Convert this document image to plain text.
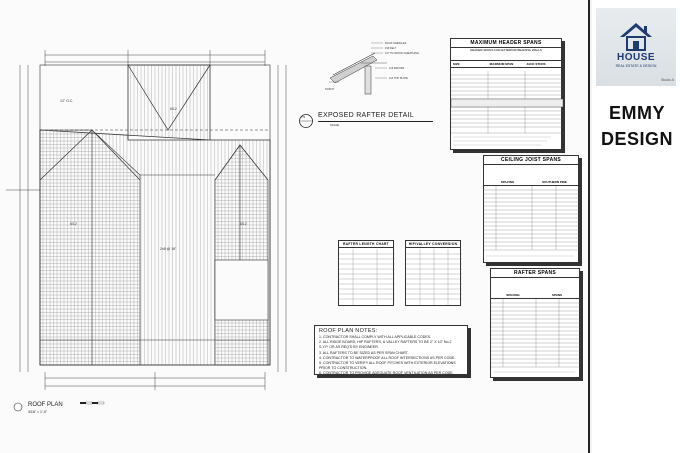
12" O.C.
6/12
6/12
6/12
2x8 @ 16"
ROOF PLAN
3/16" = 1'-0"
ROOF SHINGLES
15# FELT
1/2" PLYWOOD SHEATHING
2x6 RAFTER
2x4 TOP PLATE
SOFFIT
7/2 EXPOSED RAFTER DETAIL
SCALE
MAXIMUM HEADER SPANS
HEADER SPANS FOR EXTERIOR BEARING WALLS
SIZE	MAXIMUM SPAN	JACK STUDS
CEILING JOIST SPANS
SPACING	SOUTHERN PINE
RAFTER SPANS
SPACING	SPANS
RAFTER LENGTH CHART	HIP/VALLEY CONVERSION
ROOF PLAN NOTES:
1. CONTRACTOR SHALL COMPLY WITH ALL APPLICABLE CODES.
2. ALL RIDGE BOARD, HIP RAFTERS, & VALLEY RAFTERS TO BE 2" X 10" No.2
S.Y.P. OR AS REQ'D BY ENGINEER.
3. ALL RAFTERS TO BE SIZED AS PER SPAN CHART.
4. CONTRACTOR TO WATERPROOF ALL ROOF INTERSECTIONS AS PER CODE.
5. CONTRACTOR TO VERIFY ALL ROOF PITCHES WITH EXTERIOR ELEVATIONS
PRIOR TO CONSTRUCTION.
6. CONTRACTOR TO PROVIDE ADEQUATE ROOF VENTILATION AS PER CODE.
HOUSE
REAL ESTATE & DESIGN
Studio A
EMMY
DESIGN
